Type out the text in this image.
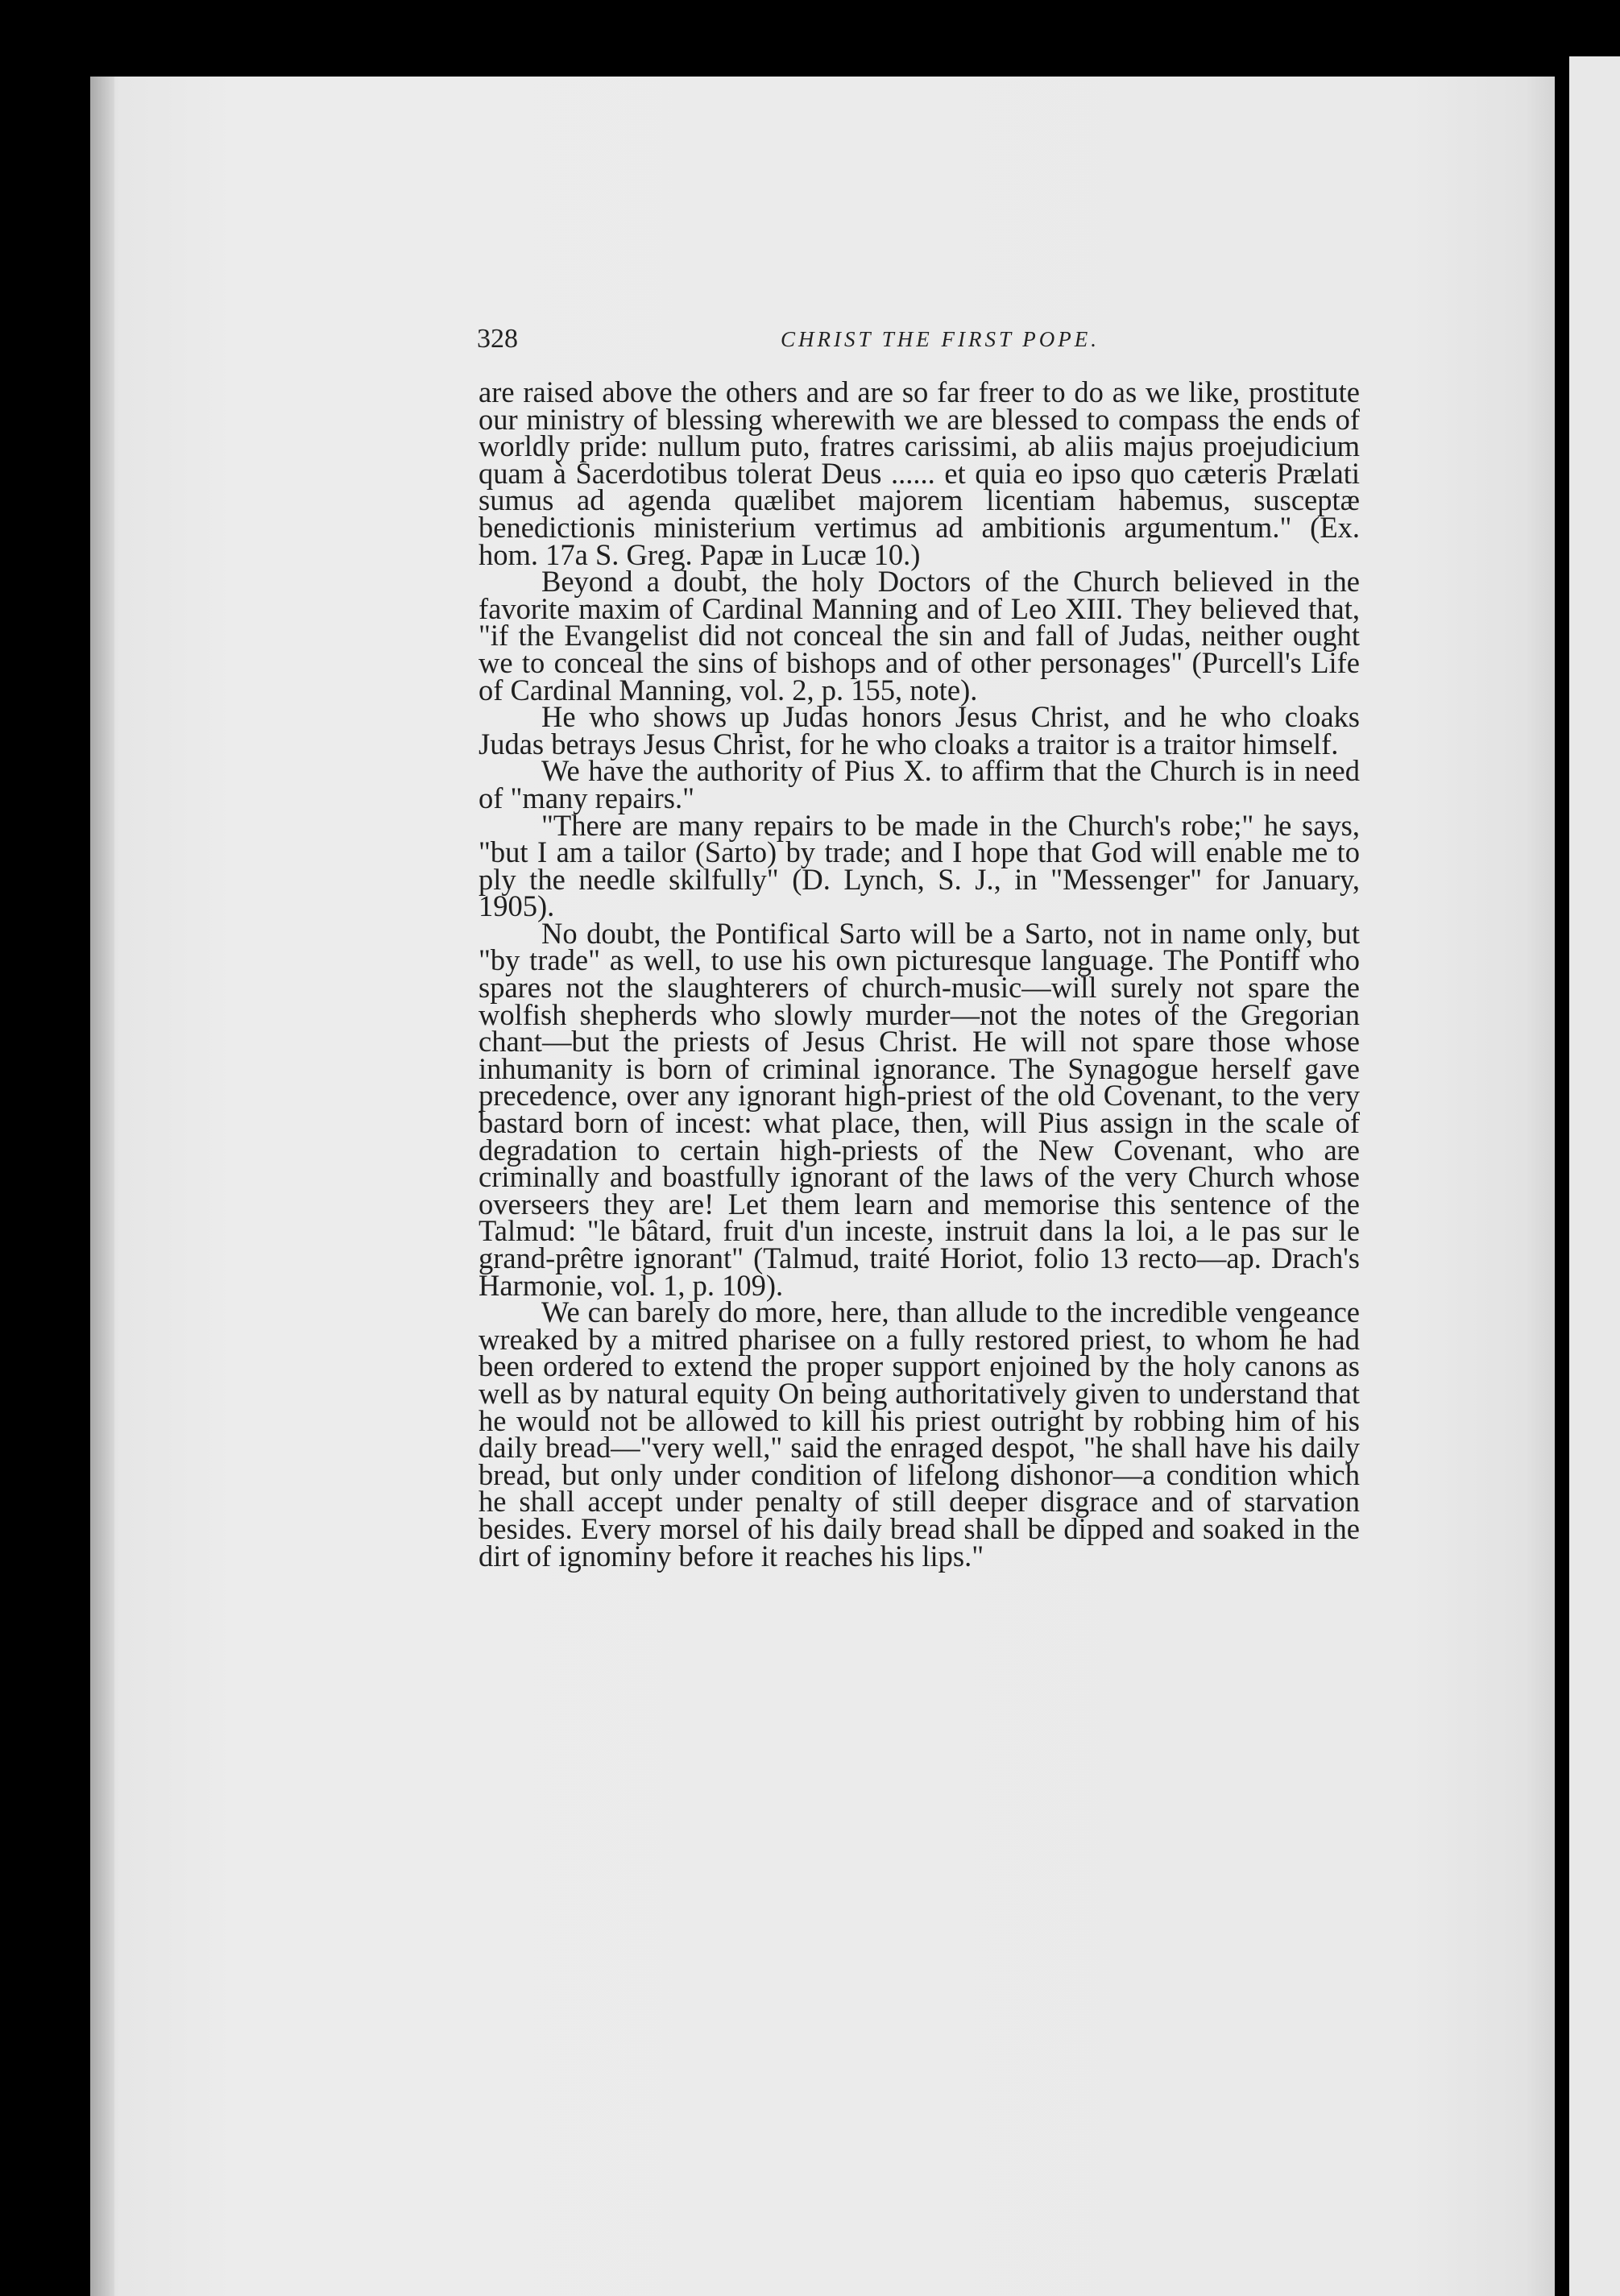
328	CHRIST THE FIRST POPE.

are raised above the others and are so far freer to do as we like, prostitute our ministry of blessing wherewith we are blessed to compass the ends of worldly pride: nullum puto, fratres carissimi, ab aliis majus proejudicium quam à Sacerdotibus tolerat Deus ...... et quia eo ipso quo cæteris Prælati sumus ad agenda quælibet majorem licentiam habemus, susceptæ benedictionis ministerium vertimus ad ambitionis argumentum." (Ex. hom. 17a S. Greg. Papæ in Lucæ 10.)

Beyond a doubt, the holy Doctors of the Church believed in the favorite maxim of Cardinal Manning and of Leo XIII. They believed that, "if the Evangelist did not conceal the sin and fall of Judas, neither ought we to conceal the sins of bishops and of other personages" (Purcell's Life of Cardinal Manning, vol. 2, p. 155, note).

He who shows up Judas honors Jesus Christ, and he who cloaks Judas betrays Jesus Christ, for he who cloaks a traitor is a traitor himself.

We have the authority of Pius X. to affirm that the Church is in need of "many repairs."

"There are many repairs to be made in the Church's robe;" he says, "but I am a tailor (Sarto) by trade; and I hope that God will enable me to ply the needle skilfully" (D. Lynch, S. J., in "Messenger" for January, 1905).

No doubt, the Pontifical Sarto will be a Sarto, not in name only, but "by trade" as well, to use his own picturesque language. The Pontiff who spares not the slaughterers of church-music—will surely not spare the wolfish shepherds who slowly murder—not the notes of the Gregorian chant—but the priests of Jesus Christ. He will not spare those whose inhumanity is born of criminal ignorance. The Synagogue herself gave precedence, over any ignorant high-priest of the old Covenant, to the very bastard born of incest: what place, then, will Pius assign in the scale of degradation to certain high-priests of the New Covenant, who are criminally and boastfully ignorant of the laws of the very Church whose overseers they are! Let them learn and memorise this sentence of the Talmud: "le bâtard, fruit d'un inceste, instruit dans la loi, a le pas sur le grand-prêtre ignorant" (Talmud, traité Horiot, folio 13 recto—ap. Drach's Harmonie, vol. 1, p. 109).

We can barely do more, here, than allude to the incredible vengeance wreaked by a mitred pharisee on a fully restored priest, to whom he had been ordered to extend the proper support enjoined by the holy canons as well as by natural equity On being authoritatively given to understand that he would not be allowed to kill his priest outright by robbing him of his daily bread—"very well," said the enraged despot, "he shall have his daily bread, but only under condition of lifelong dishonor—a condition which he shall accept under penalty of still deeper disgrace and of starvation besides. Every morsel of his daily bread shall be dipped and soaked in the dirt of ignominy before it reaches his lips."
